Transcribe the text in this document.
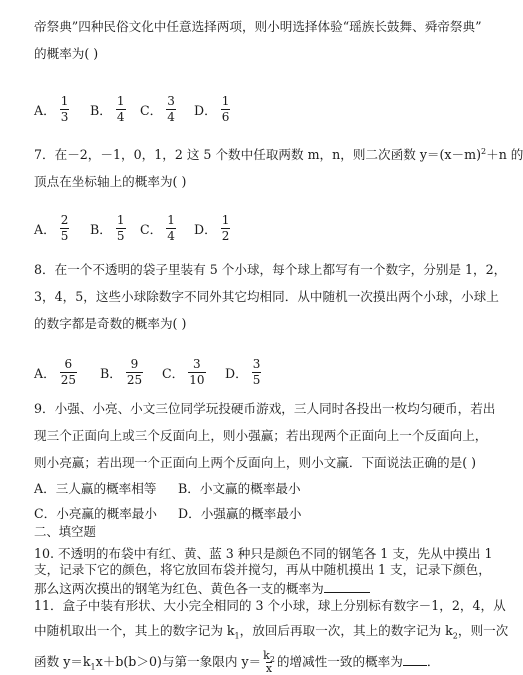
帝祭典”四种民俗文化中任意选择两项，则小明选择体验“瑶族长鼓舞、舜帝祭典”
的概率为( )
A． $\frac{1}{3}$ B． $\frac{1}{4}$ C． $\frac{3}{4}$ D． $\frac{1}{6}$
7．在－2，－1，0，1，2 这 5 个数中任取两数 m，n，则二次函数 $y=(x-m)^2+n$ 的
顶点在坐标轴上的概率为( )
A． $\frac{2}{5}$ B． $\frac{1}{5}$ C． $\frac{1}{4}$ D． $\frac{1}{2}$
8．在一个不透明的袋子里装有 5 个小球，每个球上都写有一个数字，分别是 1，2，
3，4，5，这些小球除数字不同外其它均相同．从中随机一次摸出两个小球，小球上
的数字都是奇数的概率为( )
A． $\frac{6}{25}$ B． $\frac{9}{25}$ C． $\frac{3}{10}$ D． $\frac{3}{5}$
9．小强、小亮、小文三位同学玩投硬币游戏，三人同时各投出一枚均匀硬币，若出
现三个正面向上或三个反面向上，则小强赢；若出现两个正面向上一个反面向上，
则小亮赢；若出现一个正面向上两个反面向上，则小文赢．下面说法正确的是( )
A．三人赢的概率相等 B．小文赢的概率最小
C．小亮赢的概率最小 D．小强赢的概率最小
二、填空题
10. 不透明的布袋中有红、黄、蓝 3 种只是颜色不同的钢笔各 1 支，先从中摸出 1
支，记录下它的颜色，将它放回布袋并搅匀，再从中随机摸出 1 支，记录下颜色，
那么这两次摸出的钢笔为红色、黄色各一支的概率为
11．盒子中装有形状、大小完全相同的 3 个小球，球上分别标有数字－1，2，4，从
中随机取出一个，其上的数字记为 $k_1$，放回后再取一次，其上的数字记为 $k_2$，则一次
函数 $y=k_1x+b(b>0)$与第一象限内 $y= \frac{k_2}{x}$ 的增减性一致的概率为 ．
